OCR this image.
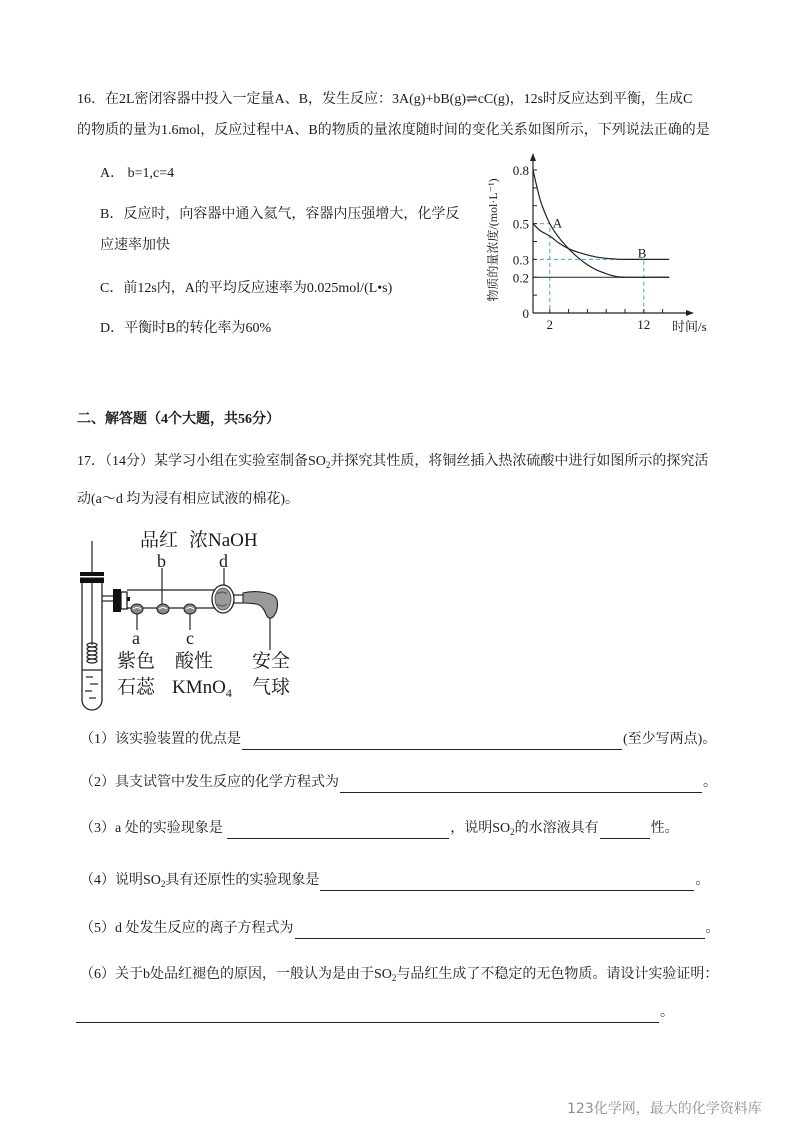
16．在2L密闭容器中投入一定量A、B，发生反应：3A(g)+bB(g)⇌cC(g)，12s时反应达到平衡，生成C
的物质的量为1.6mol，反应过程中A、B的物质的量浓度随时间的变化关系如图所示，下列说法正确的是
A． b=1,c=4
B．反应时，向容器中通入氦气，容器内压强增大，化学反
应速率加快
C．前12s内，A的平均反应速率为0.025mol/(L•s)
D．平衡时B的转化率为60%
0
0.2
0.3
0.5
0.8
2	12 时间/s
物质的量浓度/(mol·L⁻¹)	A
B
二、解答题（4个大题，共56分）
17．（14分）某学习小组在实验室制备$SO_2$并探究其性质，将铜丝插入热浓硫酸中进行如图所示的探究活
动(a～d 均为浸有相应试液的棉花)。
品红 浓NaOH
b	d
a	c
紫色
石蕊
酸性
KMnO$_4$
安全
气球
（1）该实验装置的优点是	(至少写两点)。
（2）具支试管中发生反应的化学方程式为	。
（3）a 处的实验现象是	，说明$SO_2$的水溶液具有	性。
（4）说明$SO_2$具有还原性的实验现象是	。
（5）d 处发生反应的离子方程式为	。
（6）关于b处品红褪色的原因，一般认为是由于$SO_2$与品红生成了不稳定的无色物质。请设计实验证明：
。
123化学网，最大的化学资料库
